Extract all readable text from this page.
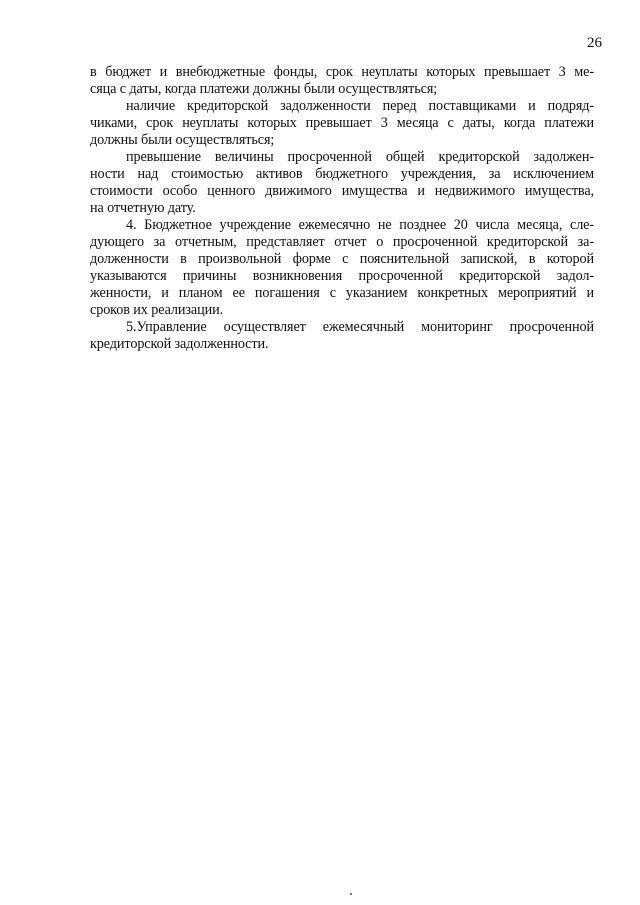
26
в бюджет и внебюджетные фонды, срок неуплаты которых превышает 3 ме-
сяца с даты, когда платежи должны были осуществляться;
наличие кредиторской задолженности перед поставщиками и подряд-
чиками, срок неуплаты которых превышает 3 месяца с даты, когда платежи
должны были осуществляться;
превышение величины просроченной общей кредиторской задолжен-
ности над стоимостью активов бюджетного учреждения, за исключением
стоимости особо ценного движимого имущества и недвижимого имущества,
на отчетную дату.
4. Бюджетное учреждение ежемесячно не позднее 20 числа месяца, сле-
дующего за отчетным, представляет отчет о просроченной кредиторской за-
долженности в произвольной форме с пояснительной запиской, в которой
указываются причины возникновения просроченной кредиторской задол-
женности, и планом ее погашения с указанием конкретных мероприятий и
сроков их реализации.
5.Управление осуществляет ежемесячный мониторинг просроченной
кредиторской задолженности.
